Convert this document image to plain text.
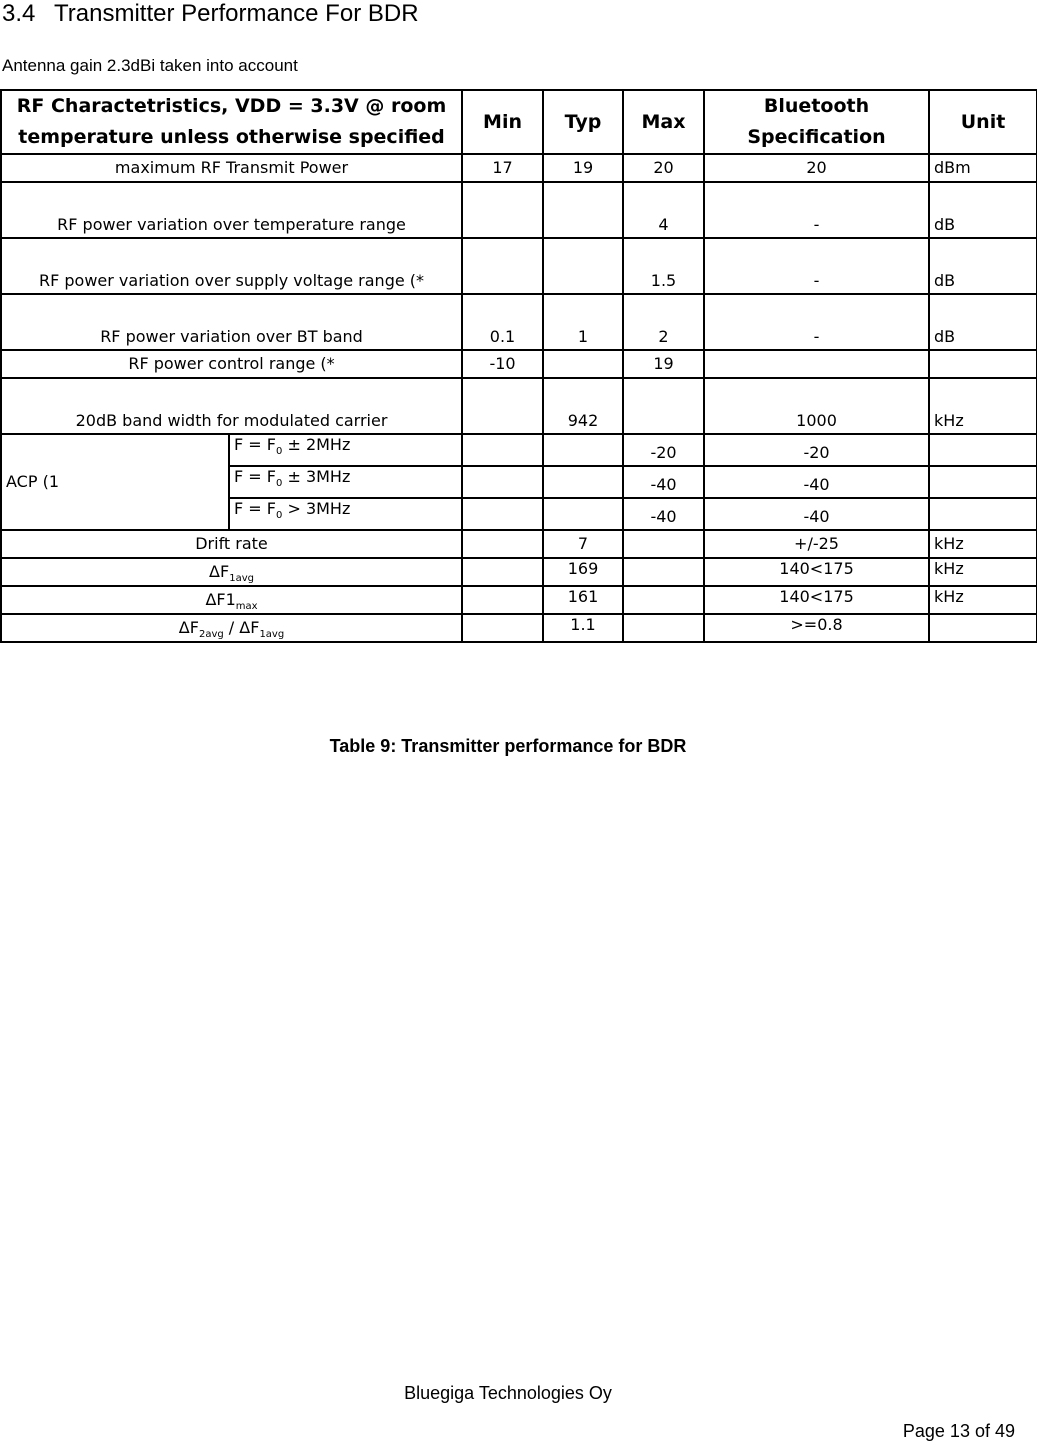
3.4 Transmitter Performance For BDR
Antenna gain 2.3dBi taken into account
RF Charactetristics, VDD = 3.3V @ room temperature unless otherwise specified		Min	Typ	Max	Bluetooth Specification	Unit
maximum RF Transmit Power		17	19	20	20	dBm
RF power variation over temperature range				4	-	dB
RF power variation over supply voltage range (*				1.5	-	dB
RF power variation over BT band		0.1	1	2	-	dB
RF power control range (*		-10		19		
20dB band width for modulated carrier			942		1000	kHz
ACP (1	$F = F_0 \pm 2MHz$			-20	-20	
	$F = F_0 \pm 3MHz$			-40	-40	
	$F = F_0 > 3MHz$			-40	-40	
Drift rate			7		+/-25	kHz
$\Delta F_{1avg}$			169		140<175	kHz
$\Delta F1_{max}$			161		140<175	kHz
$\Delta F_{2avg} / \Delta F_{1avg}$			1.1		>=0.8	
Table 9: Transmitter performance for BDR
Bluegiga Technologies Oy
Page 13 of 49
